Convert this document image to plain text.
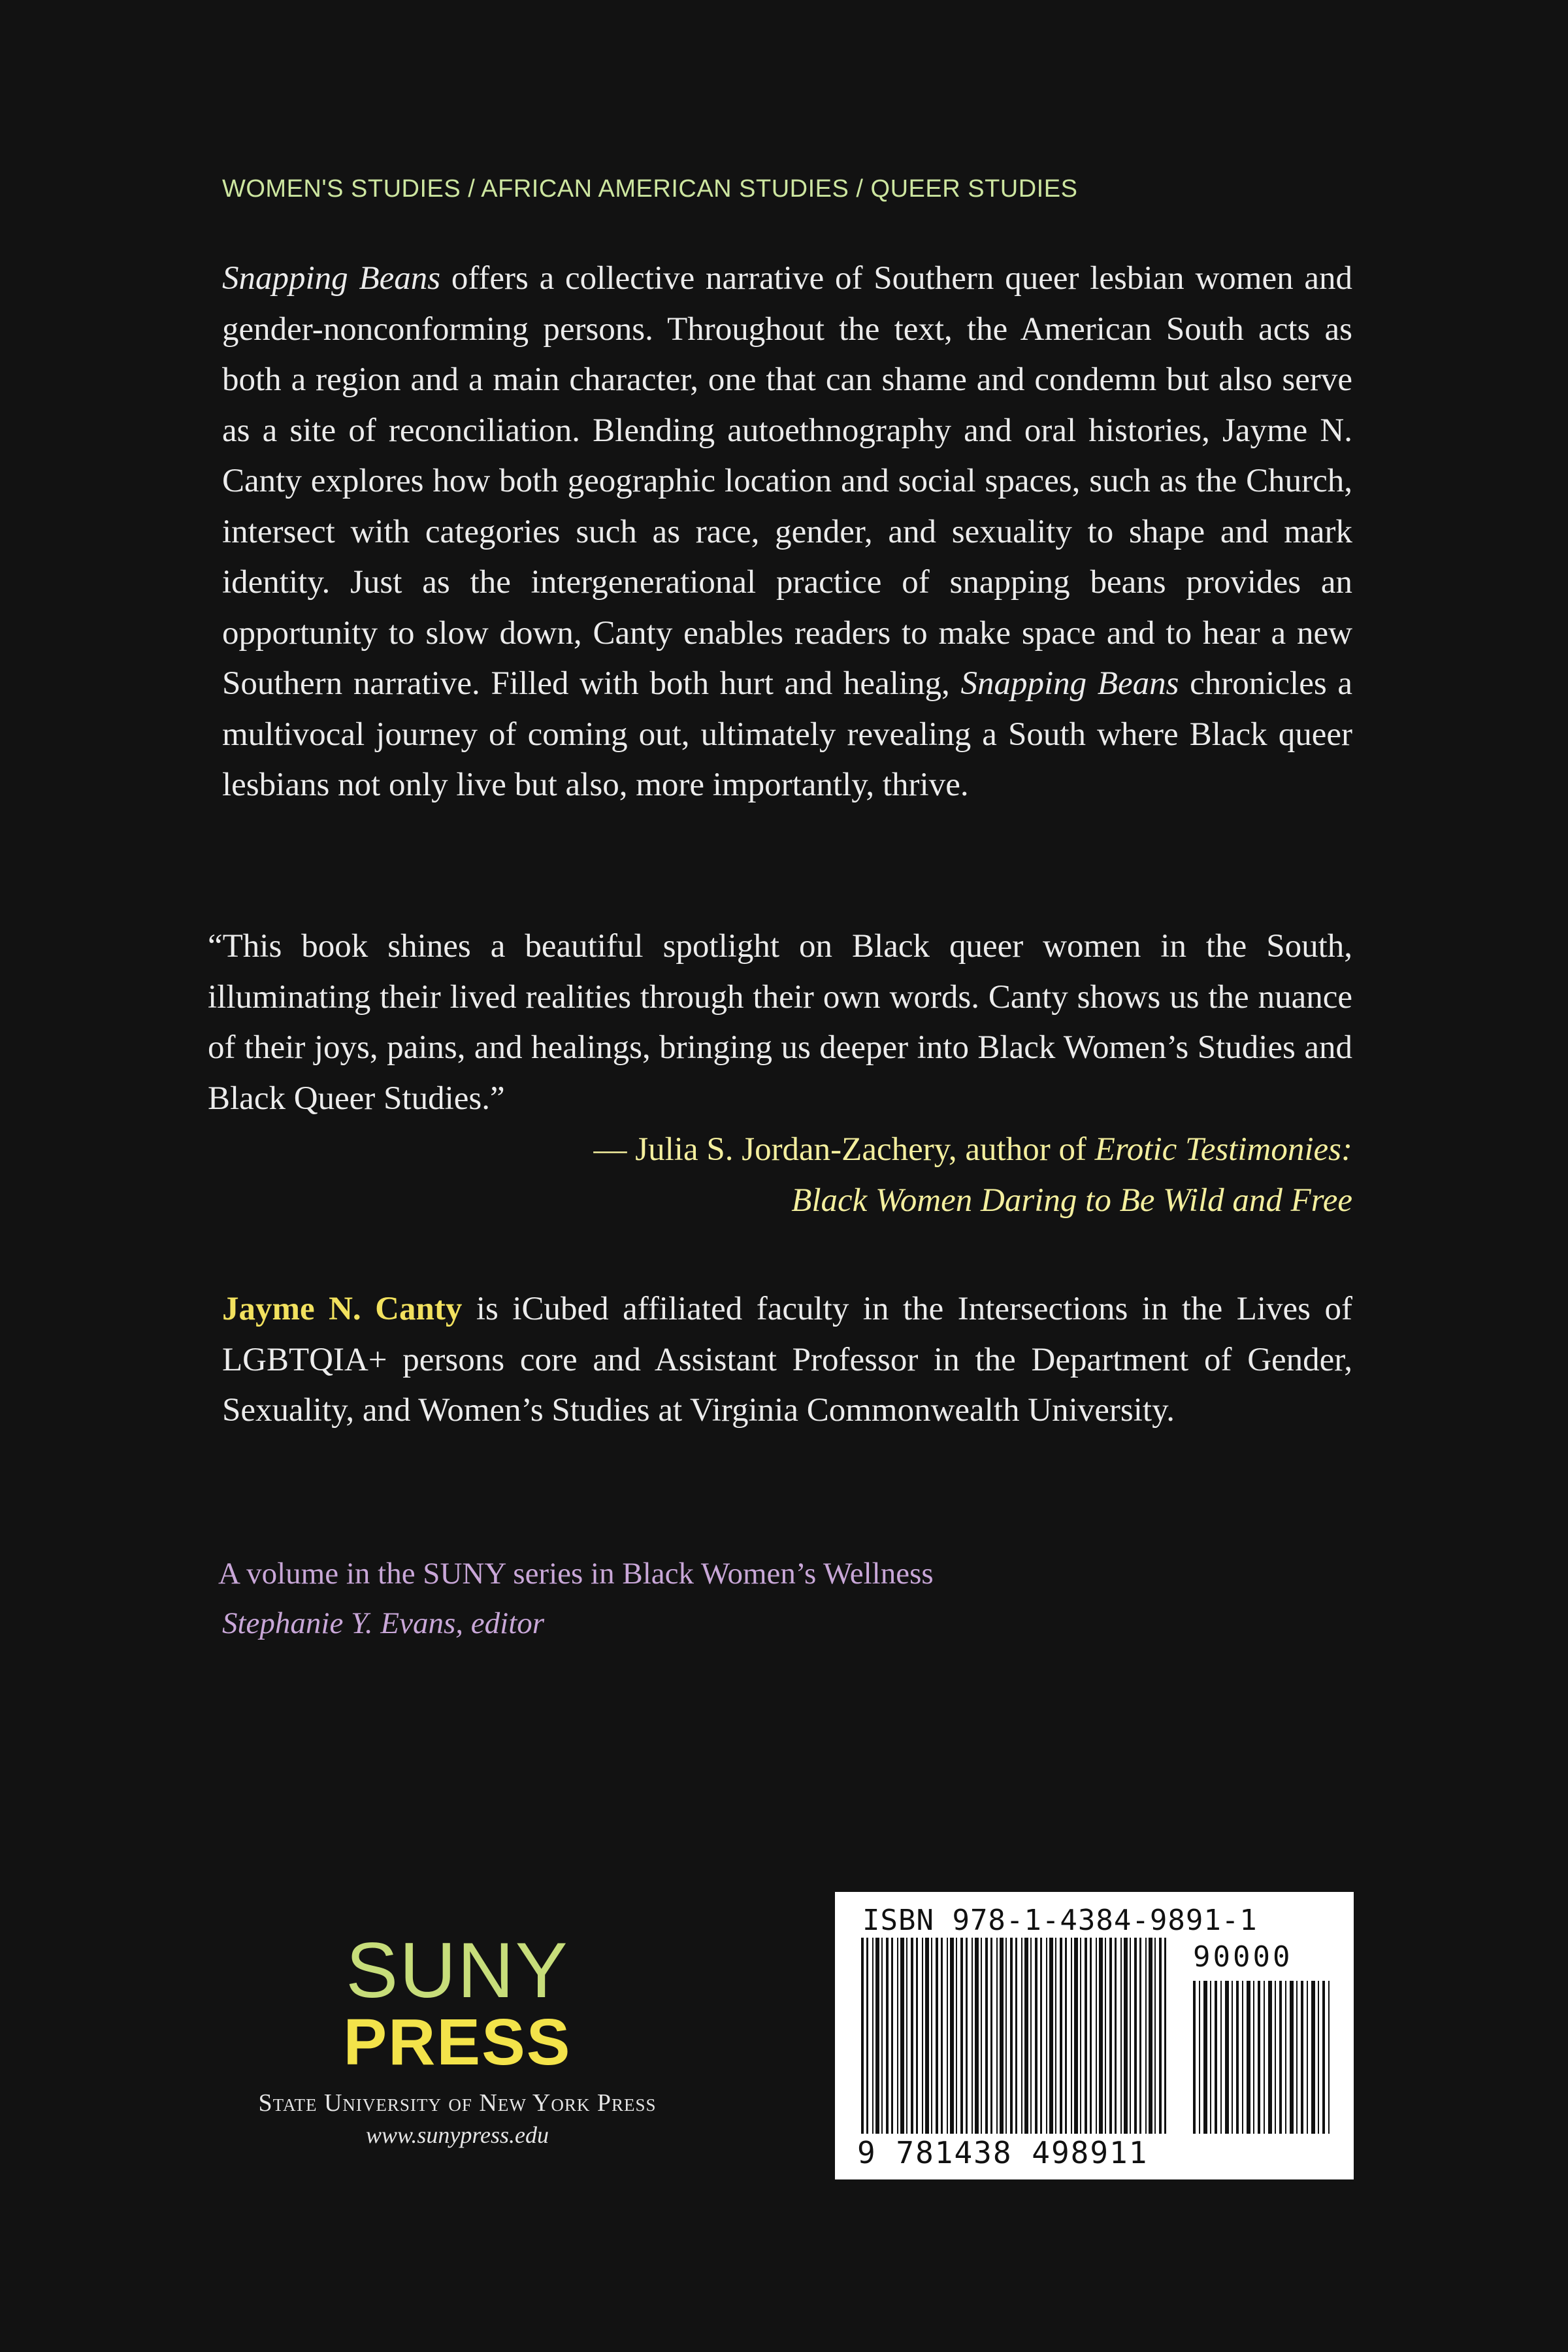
WOMEN'S STUDIES / AFRICAN AMERICAN STUDIES / QUEER STUDIES

Snapping Beans offers a collective narrative of Southern queer lesbian women and gender-nonconforming persons. Throughout the text, the American South acts as both a region and a main character, one that can shame and condemn but also serve as a site of reconciliation. Blending autoethnography and oral histories, Jayme N. Canty explores how both geographic location and social spaces, such as the Church, intersect with categories such as race, gender, and sexuality to shape and mark identity. Just as the intergenerational practice of snapping beans provides an opportunity to slow down, Canty enables readers to make space and to hear a new Southern narrative. Filled with both hurt and healing, Snapping Beans chronicles a multivocal journey of coming out, ultimately revealing a South where Black queer lesbians not only live but also, more importantly, thrive.

“This book shines a beautiful spotlight on Black queer women in the South, illuminating their lived realities through their own words. Canty shows us the nuance of their joys, pains, and healings, bringing us deeper into Black Women’s Studies and Black Queer Studies.”

— Julia S. Jordan-Zachery, author of Erotic Testimonies:
Black Women Daring to Be Wild and Free

Jayme N. Canty is iCubed affiliated faculty in the Intersections in the Lives of LGBTQIA+ persons core and Assistant Professor in the Department of Gender, Sexuality, and Women’s Studies at Virginia Commonwealth University.

A volume in the SUNY series in Black Women’s Wellness
Stephanie Y. Evans, editor
SUNY
PRESS
State University of New York Press
www.sunypress.edu
ISBN 978-1-4384-9891-1
90000
9 781438 498911
